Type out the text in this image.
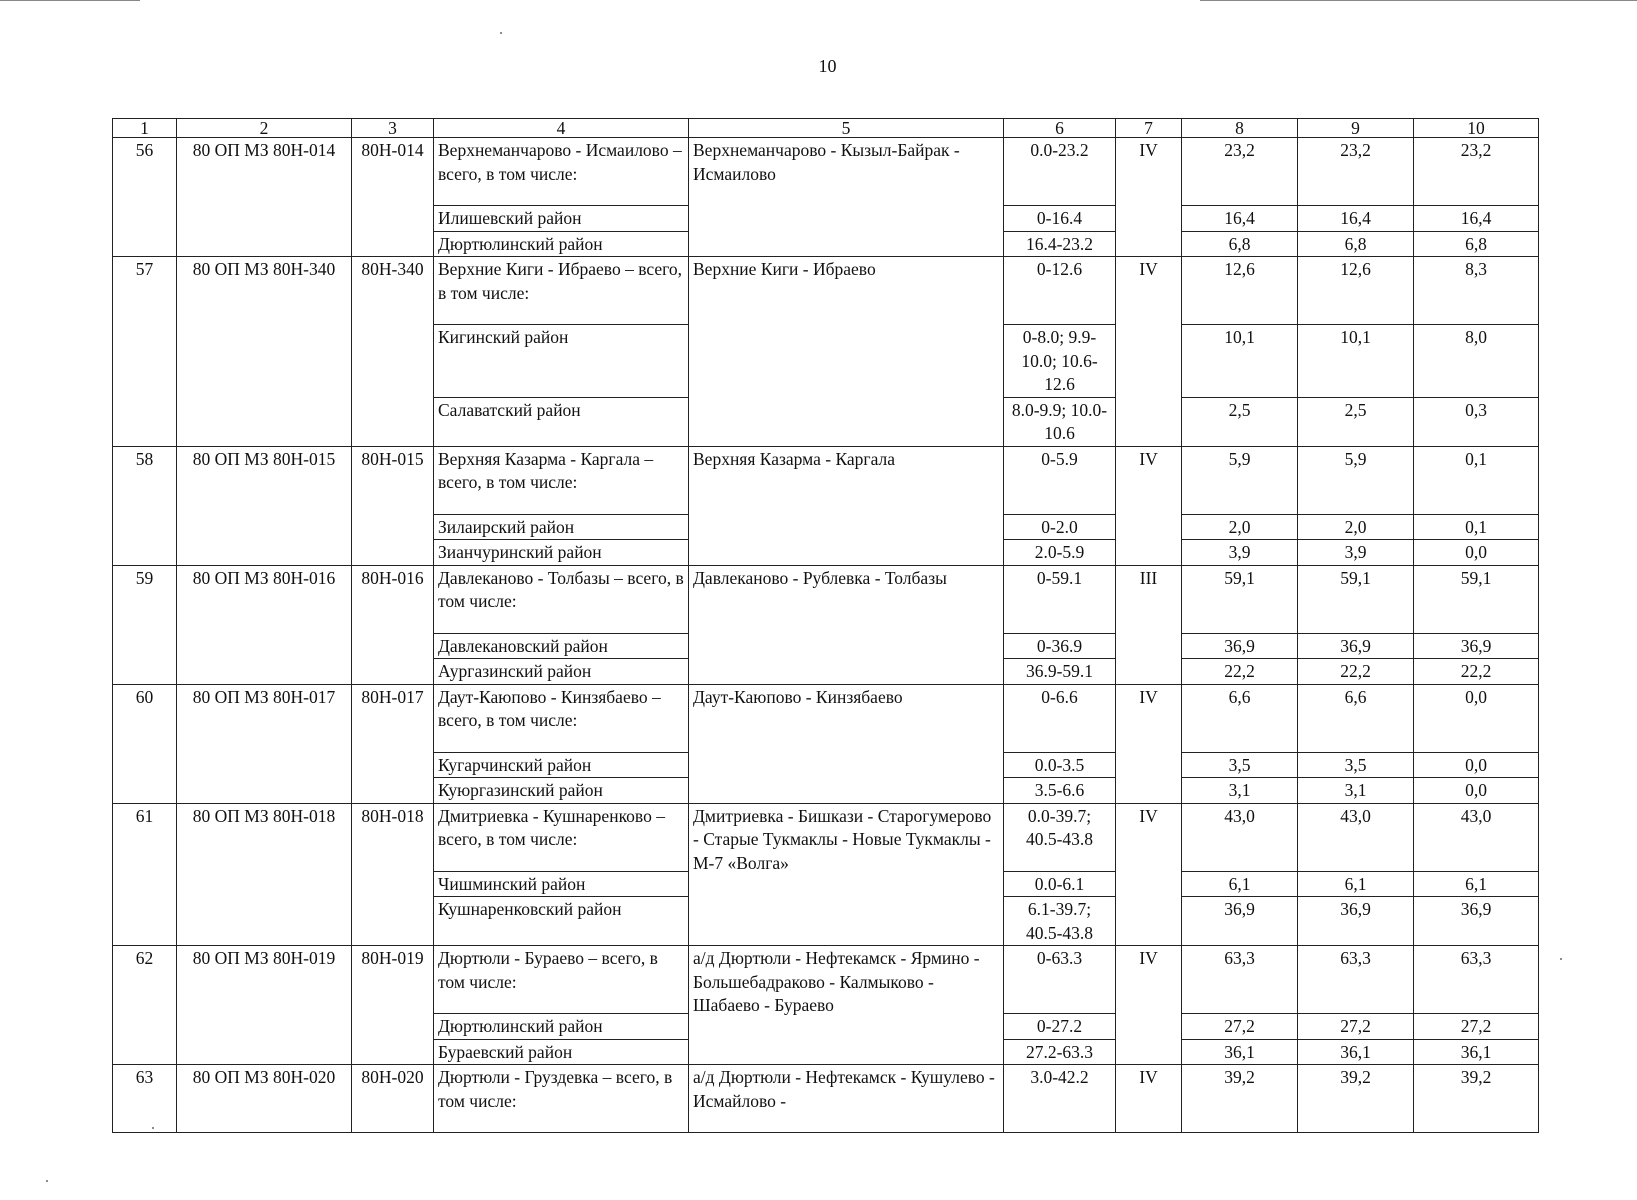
10
1	2	3	4	5	6	7	8	9	10
56	80 ОП МЗ 80Н-014	80Н-014	Верхнеманчарово - Исмаилово – всего, в том числе:	Верхнеманчарово - Кызыл-Байрак - Исмаилово	0.0-23.2	IV	23,2	23,2	23,2
			Илишевский район		0-16.4		16,4	16,4	16,4
			Дюртюлинский район		16.4-23.2		6,8	6,8	6,8
57	80 ОП МЗ 80Н-340	80Н-340	Верхние Киги - Ибраево – всего, в том числе:	Верхние Киги - Ибраево	0-12.6	IV	12,6	12,6	8,3
			Кигинский район		0-8.0; 9.9-10.0; 10.6-12.6		10,1	10,1	8,0
			Салаватский район		8.0-9.9; 10.0-10.6		2,5	2,5	0,3
58	80 ОП МЗ 80Н-015	80Н-015	Верхняя Казарма - Каргала – всего, в том числе:	Верхняя Казарма - Каргала	0-5.9	IV	5,9	5,9	0,1
			Зилаирский район		0-2.0		2,0	2,0	0,1
			Зианчуринский район		2.0-5.9		3,9	3,9	0,0
59	80 ОП МЗ 80Н-016	80Н-016	Давлеканово - Толбазы – всего, в том числе:	Давлеканово - Рублевка - Толбазы	0-59.1	III	59,1	59,1	59,1
			Давлекановский район		0-36.9		36,9	36,9	36,9
			Аургазинский район		36.9-59.1		22,2	22,2	22,2
60	80 ОП МЗ 80Н-017	80Н-017	Даут-Каюпово - Кинзябаево – всего, в том числе:	Даут-Каюпово - Кинзябаево	0-6.6	IV	6,6	6,6	0,0
			Кугарчинский район		0.0-3.5		3,5	3,5	0,0
			Куюргазинский район		3.5-6.6		3,1	3,1	0,0
61	80 ОП МЗ 80Н-018	80Н-018	Дмитриевка - Кушнаренково – всего, в том числе:	Дмитриевка - Бишкази - Старогумерово - Старые Тукмаклы - Новые Тукмаклы - М-7 «Волга»	0.0-39.7; 40.5-43.8	IV	43,0	43,0	43,0
			Чишминский район		0.0-6.1		6,1	6,1	6,1
			Кушнаренковский район		6.1-39.7; 40.5-43.8		36,9	36,9	36,9
62	80 ОП МЗ 80Н-019	80Н-019	Дюртюли - Бураево – всего, в том числе:	а/д Дюртюли - Нефтекамск - Ярмино - Большебадраково - Калмыково - Шабаево - Бураево	0-63.3	IV	63,3	63,3	63,3
			Дюртюлинский район		0-27.2		27,2	27,2	27,2
			Бураевский район		27.2-63.3		36,1	36,1	36,1
63	80 ОП МЗ 80Н-020	80Н-020	Дюртюли - Груздевка – всего, в том числе:	а/д Дюртюли - Нефтекамск - Кушулево - Исмайлово -	3.0-42.2	IV	39,2	39,2	39,2
